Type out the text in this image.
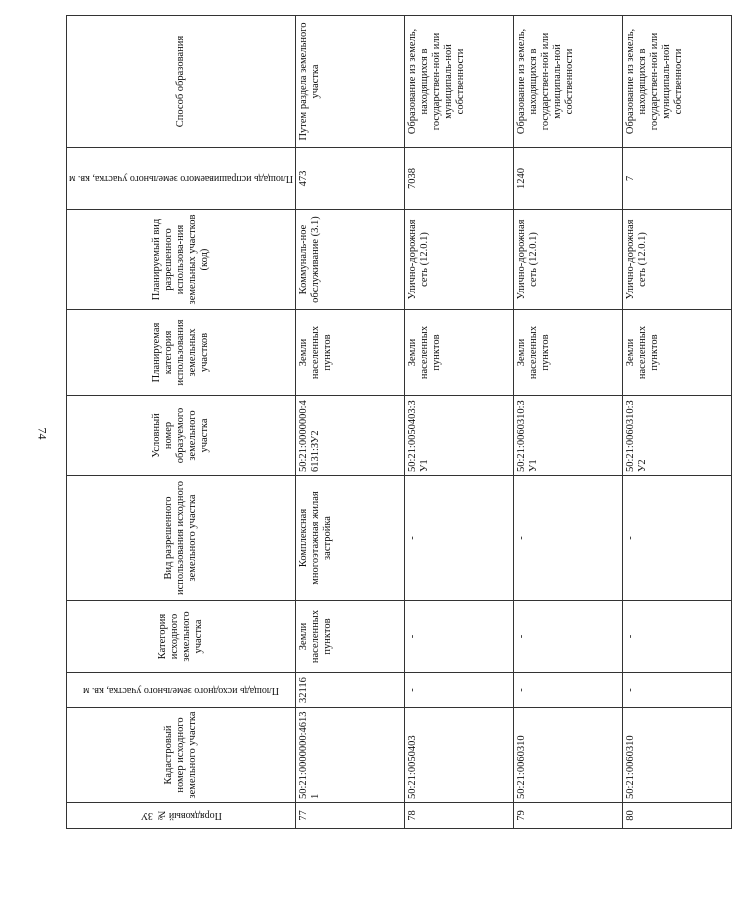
74
Порядковый № ЗУ	Кадастровый номер исходного земельного участка	Площадь исходного земельного участка, кв. м	Категория исходного земельного участка	Вид разрешенного использования исходного земельного участка	Условный номер образуемого земельного участка	Планируемая категория использования земельных участков	Планируемый вид разрешенного использова-ния земельных участков (код)	Площадь испрашиваемого земельного участка, кв. м	Способ образования
77	50:21:0000000:46131	32116	Земли населенных пунктов	Комплексная многоэтажная жилая застройка	50:21:0000000:46131:ЗУ2	Земли населенных пунктов	Коммуналь-ное обслуживание (3.1)	473	Путем раздела земельного участка
78	50:21:0050403	-	-	-	50:21:0050403:ЗУ1	Земли населенных пунктов	Улично-дорожная сеть (12.0.1)	7038	Образование из земель, находящихся в государствен-ной или муниципаль-ной собственности
79	50:21:0060310	-	-	-	50:21:0060310:ЗУ1	Земли населенных пунктов	Улично-дорожная сеть (12.0.1)	1240	Образование из земель, находящихся в государствен-ной или муниципаль-ной собственности
80	50:21:0060310	-	-	-	50:21:0060310:ЗУ2	Земли населенных пунктов	Улично-дорожная сеть (12.0.1)	7	Образование из земель, находящихся в государствен-ной или муниципаль-ной собственности
